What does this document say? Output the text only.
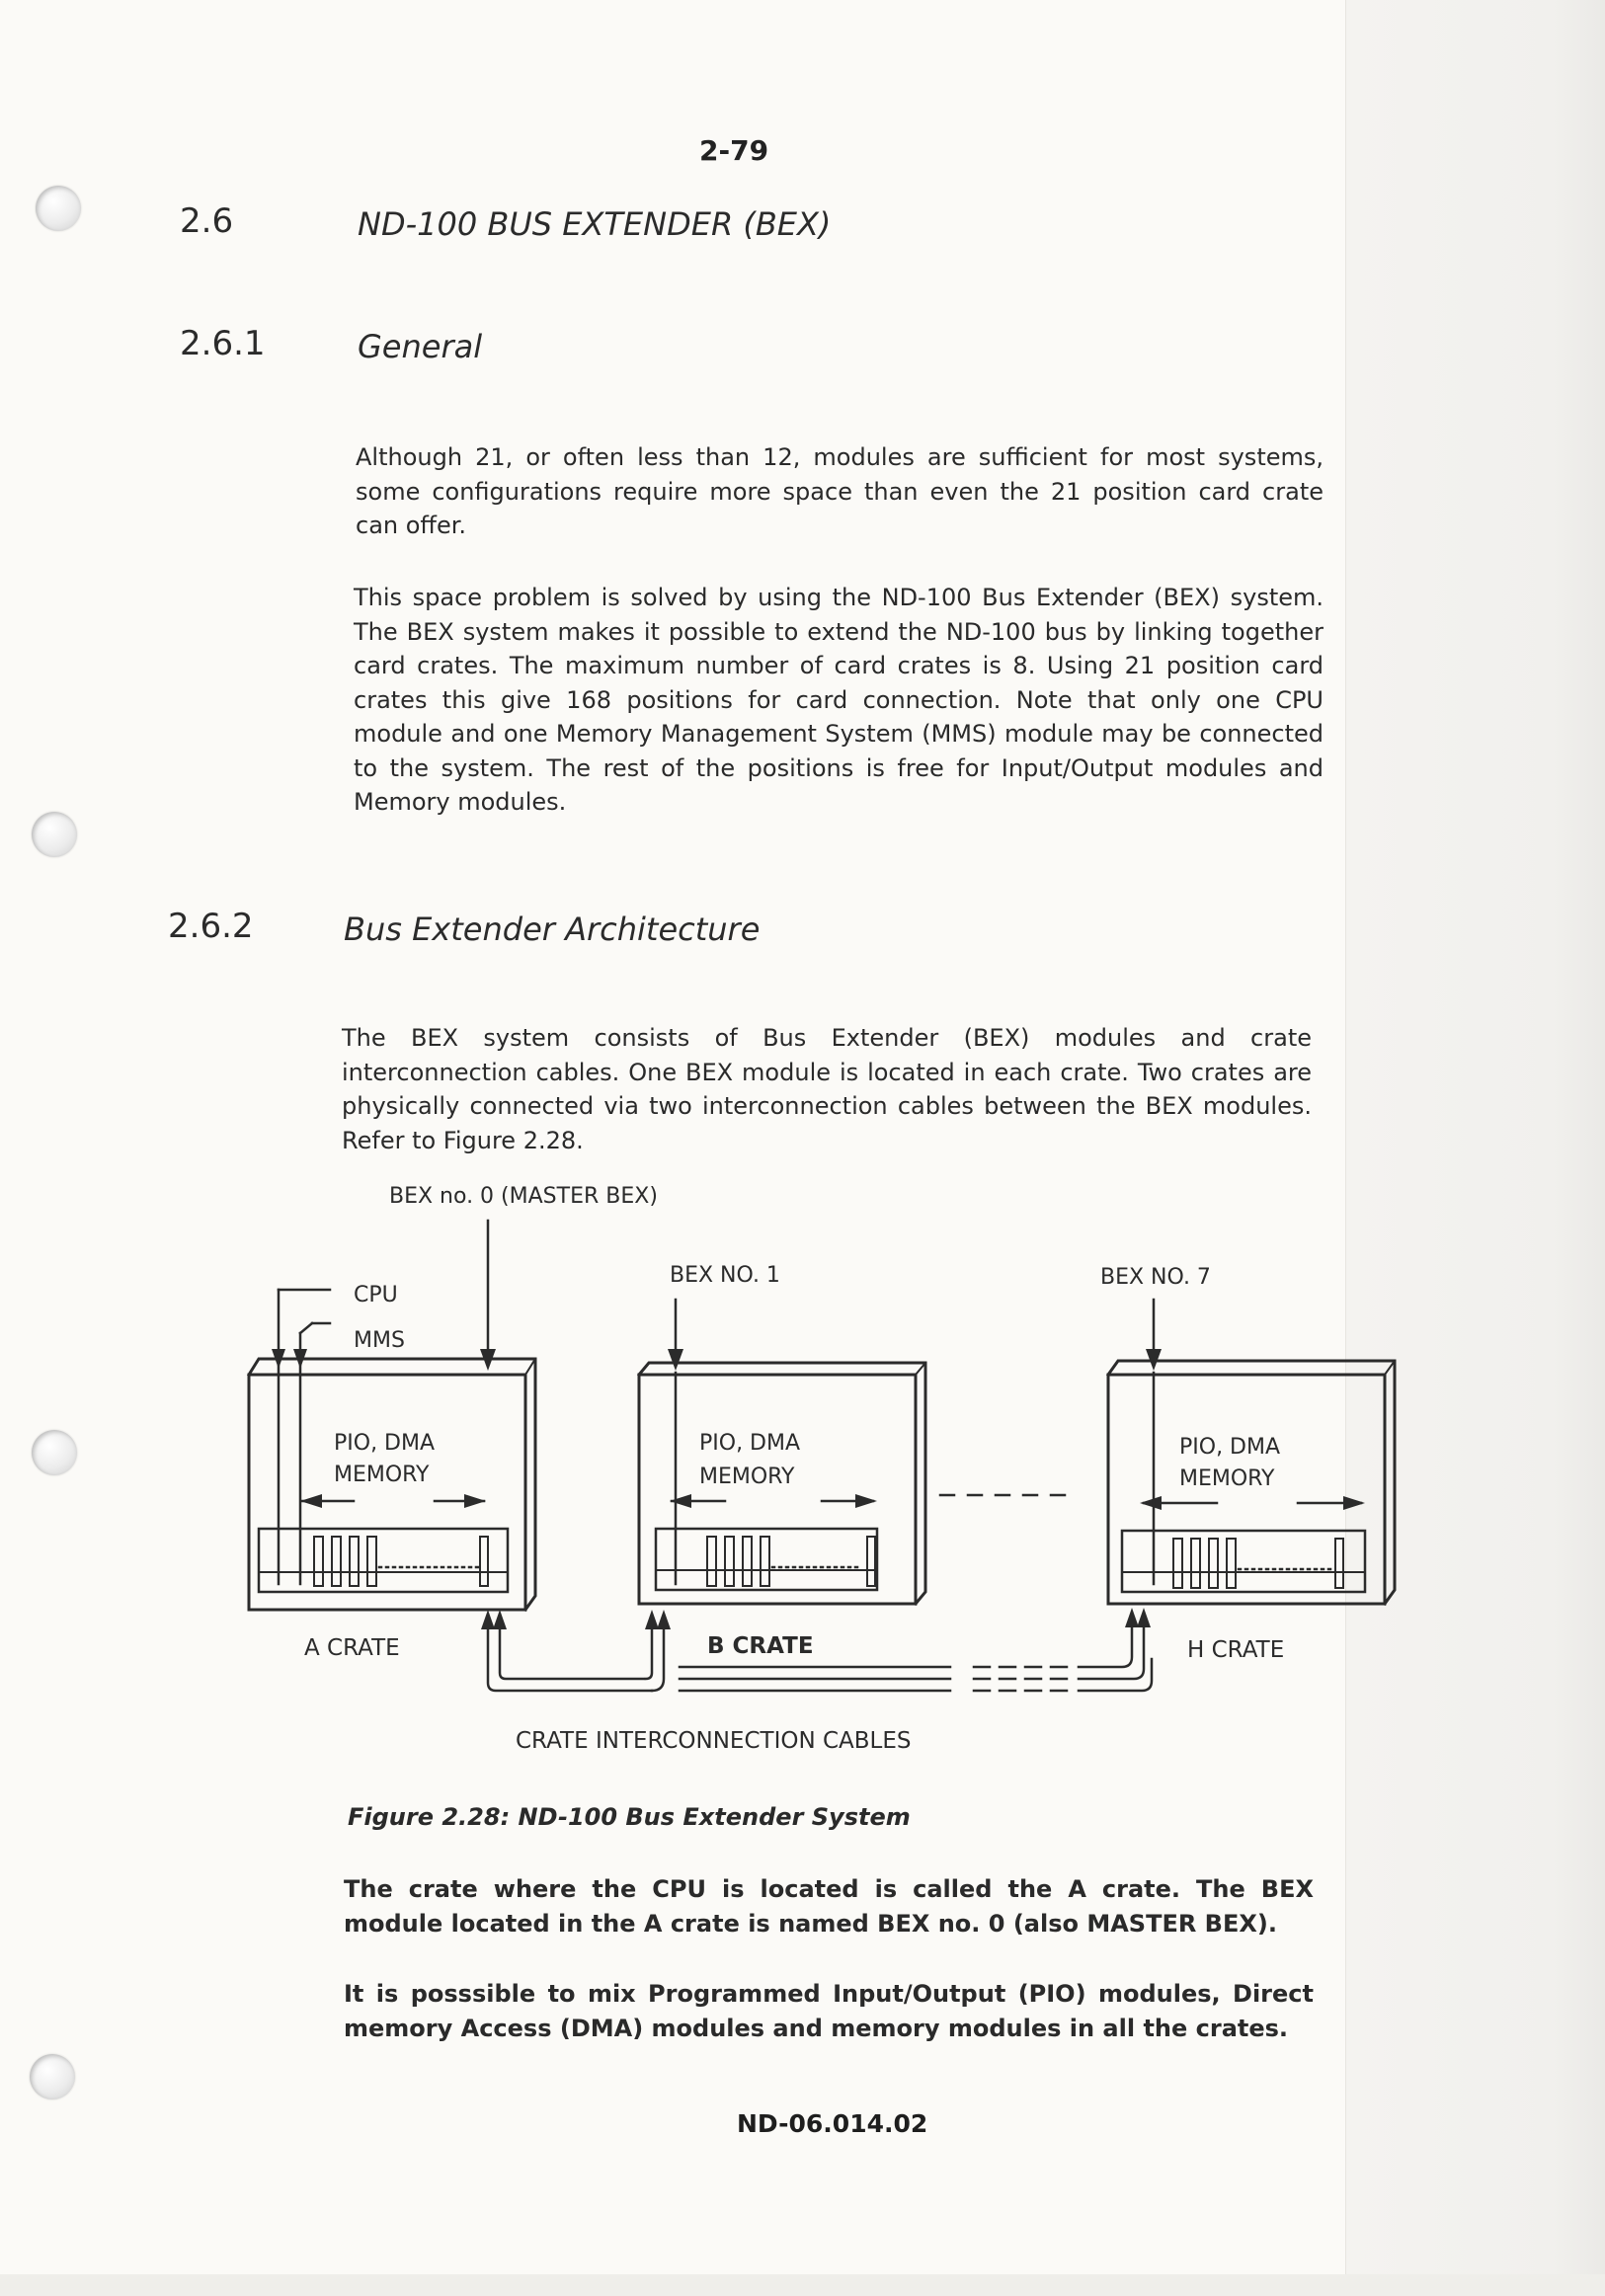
2-79
2.6	ND-100 BUS EXTENDER (BEX)
2.6.1	General
Although 21, or often less than 12, modules are sufficient for most systems, some configurations require more space than even the 21 position card crate can offer.
This space problem is solved by using the ND-100 Bus Extender (BEX) system. The BEX system makes it possible to extend the ND-100 bus by linking together card crates. The maximum number of card crates is 8. Using 21 position card crates this give 168 positions for card connection. Note that only one CPU module and one Memory Management System (MMS) module may be connected to the system. The rest of the positions is free for Input/Output modules and Memory modules.
2.6.2	Bus Extender Architecture
The BEX system consists of Bus Extender (BEX) modules and crate interconnection cables. One BEX module is located in each crate. Two crates are physically connected via two interconnection cables between the BEX modules. Refer to Figure 2.28.
BEX no. 0 (MASTER BEX)
BEX NO. 1	BEX NO. 7
CPU
MMS
PIO, DMA
MEMORY
PIO, DMA
MEMORY
PIO, DMA
MEMORY
A CRATE	B CRATE	H CRATE
CRATE INTERCONNECTION CABLES
Figure 2.28: ND-100 Bus Extender System
The crate where the CPU is located is called the A crate. The BEX module located in the A crate is named BEX no. 0 (also MASTER BEX).
It is posssible to mix Programmed Input/Output (PIO) modules, Direct memory Access (DMA) modules and memory modules in all the crates.
ND-06.014.02
